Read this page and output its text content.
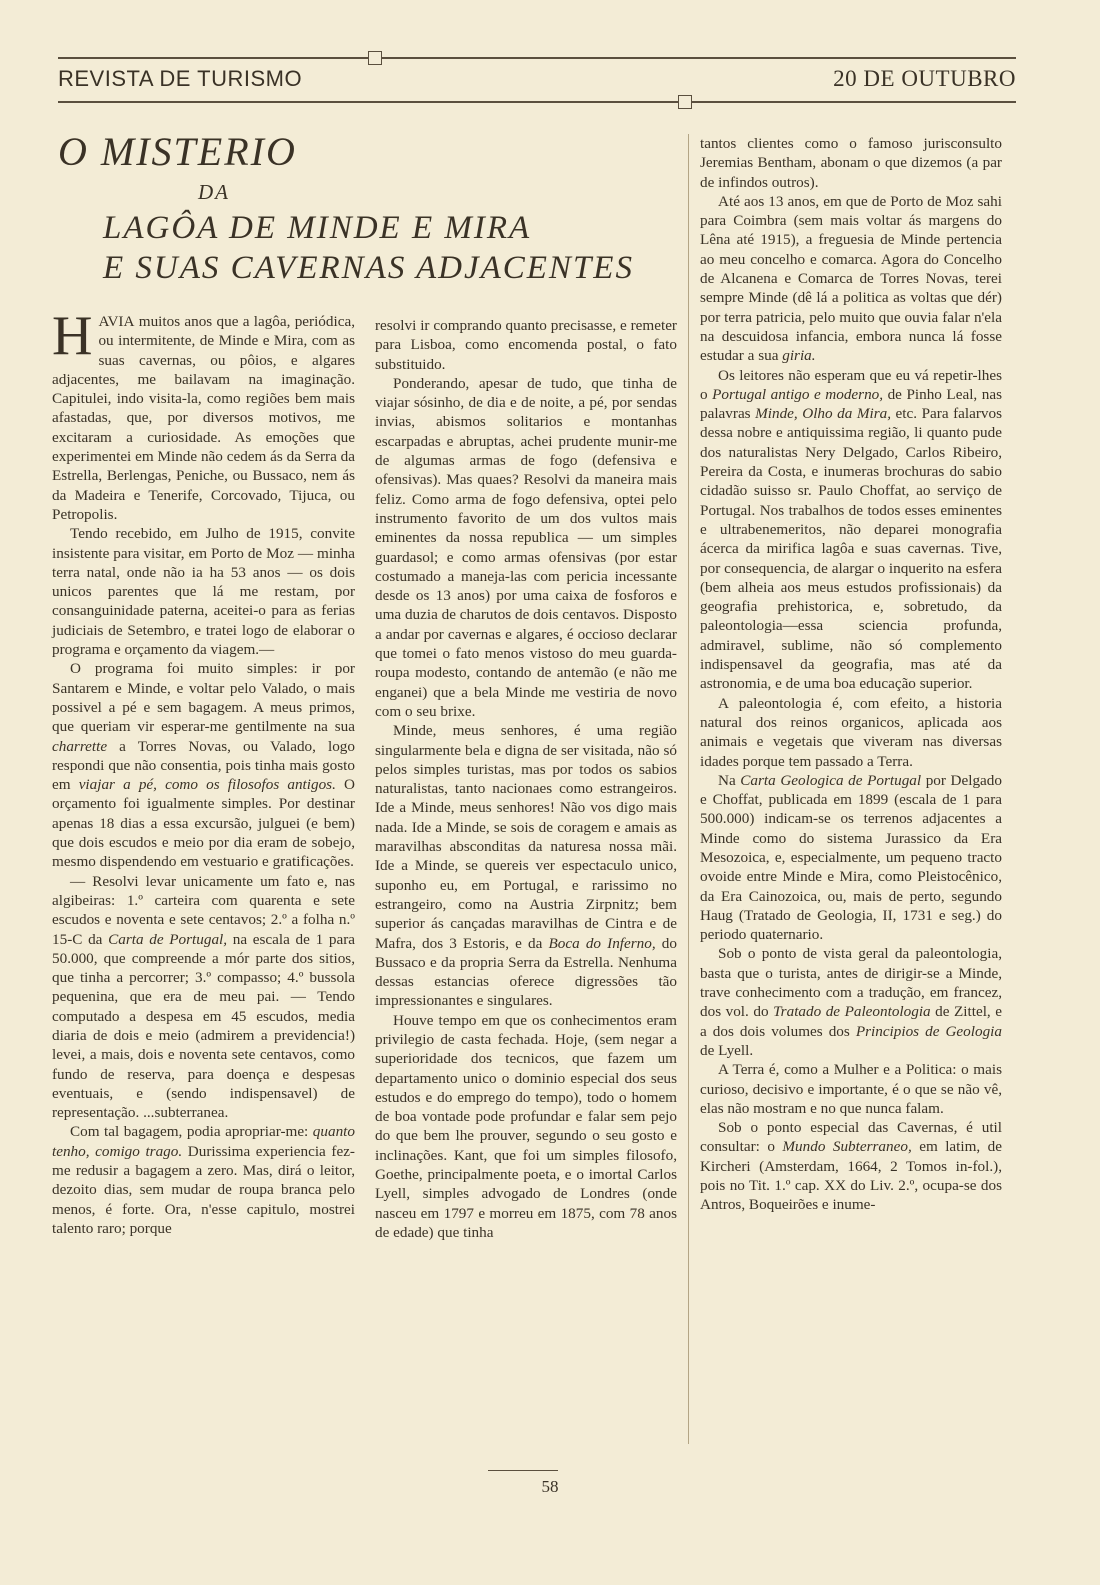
REVISTA DE TURISMO	20 DE OUTUBRO
O MISTERIO
DA
LAGÔA DE MINDE E MIRA
E SUAS CAVERNAS ADJACENTES

HAVIA muitos anos que a lagôa, periódica, ou intermitente, de Minde e Mira, com as suas cavernas, ou pôios, e algares adjacentes, me bailavam na imaginação. Capitulei, indo visita-la, como regiões bem mais afastadas, que, por diversos motivos, me excitaram a curiosidade. As emoções que experimentei em Minde não cedem ás da Serra da Estrella, Berlengas, Peniche, ou Bussaco, nem ás da Madeira e Tenerife, Corcovado, Tijuca, ou Petropolis.

Tendo recebido, em Julho de 1915, convite insistente para visitar, em Porto de Moz — minha terra natal, onde não ia ha 53 anos — os dois unicos parentes que lá me restam, por consanguinidade paterna, aceitei-o para as ferias judiciais de Setembro, e tratei logo de elaborar o programa e orçamento da viagem.—

O programa foi muito simples: ir por Santarem e Minde, e voltar pelo Valado, o mais possivel a pé e sem bagagem. A meus primos, que queriam vir esperar-me gentilmente na sua charrette a Torres Novas, ou Valado, logo respondi que não consentia, pois tinha mais gosto em viajar a pé, como os filosofos antigos. O orçamento foi igualmente simples. Por destinar apenas 18 dias a essa excursão, julguei (e bem) que dois escudos e meio por dia eram de sobejo, mesmo dispendendo em vestuario e gratificações.

— Resolvi levar unicamente um fato e, nas algibeiras: 1.º carteira com quarenta e sete escudos e noventa e sete centavos; 2.º a folha n.º 15-C da Carta de Portugal, na escala de 1 para 50.000, que compreende a mór parte dos sitios, que tinha a percorrer; 3.º compasso; 4.º bussola pequenina, que era de meu pai. — Tendo computado a despesa em 45 escudos, media diaria de dois e meio (admirem a previdencia!) levei, a mais, dois e noventa sete centavos, como fundo de reserva, para doença e despesas eventuais, e (sendo indispensavel) de representação. ...subterranea.

Com tal bagagem, podia apropriar-me: quanto tenho, comigo trago. Durissima experiencia fez-me redusir a bagagem a zero. Mas, dirá o leitor, dezoito dias, sem mudar de roupa branca pelo menos, é forte. Ora, n'esse capitulo, mostrei talento raro; porque

resolvi ir comprando quanto precisasse, e remeter para Lisboa, como encomenda postal, o fato substituido.

Ponderando, apesar de tudo, que tinha de viajar sósinho, de dia e de noite, a pé, por sendas invias, abismos solitarios e montanhas escarpadas e abruptas, achei prudente munir-me de algumas armas de fogo (defensiva e ofensivas). Mas quaes? Resolvi da maneira mais feliz. Como arma de fogo defensiva, optei pelo instrumento favorito de um dos vultos mais eminentes da nossa republica — um simples guardasol; e como armas ofensivas (por estar costumado a maneja-las com pericia incessante desde os 13 anos) por uma caixa de fosforos e uma duzia de charutos de dois centavos. Disposto a andar por cavernas e algares, é occioso declarar que tomei o fato menos vistoso do meu guarda-roupa modesto, contando de antemão (e não me enganei) que a bela Minde me vestiria de novo com o seu brixe.

Minde, meus senhores, é uma região singularmente bela e digna de ser visitada, não só pelos simples turistas, mas por todos os sabios naturalistas, tanto nacionaes como estrangeiros. Ide a Minde, meus senhores! Não vos digo mais nada. Ide a Minde, se sois de coragem e amais as maravilhas absconditas da naturesa nossa mãi. Ide a Minde, se quereis ver espectaculo unico, suponho eu, em Portugal, e rarissimo no estrangeiro, como na Austria Zirpnitz; bem superior ás cançadas maravilhas de Cintra e de Mafra, dos 3 Estoris, e da Boca do Inferno, do Bussaco e da propria Serra da Estrella. Nenhuma dessas estancias oferece digressões tão impressionantes e singulares.

Houve tempo em que os conhecimentos eram privilegio de casta fechada. Hoje, (sem negar a superioridade dos tecnicos, que fazem um departamento unico o dominio especial dos seus estudos e do emprego do tempo), todo o homem de boa vontade pode profundar e falar sem pejo do que bem lhe prouver, segundo o seu gosto e inclinações. Kant, que foi um simples filosofo, Goethe, principalmente poeta, e o imortal Carlos Lyell, simples advogado de Londres (onde nasceu em 1797 e morreu em 1875, com 78 anos de edade) que tinha

tantos clientes como o famoso jurisconsulto Jeremias Bentham, abonam o que dizemos (a par de infindos outros).

Até aos 13 anos, em que de Porto de Moz sahi para Coimbra (sem mais voltar ás margens do Lêna até 1915), a freguesia de Minde pertencia ao meu concelho e comarca. Agora do Concelho de Alcanena e Comarca de Torres Novas, terei sempre Minde (dê lá a politica as voltas que dér) por terra patricia, pelo muito que ouvia falar n'ela na descuidosa infancia, embora nunca lá fosse estudar a sua giria.

Os leitores não esperam que eu vá repetir-lhes o Portugal antigo e moderno, de Pinho Leal, nas palavras Minde, Olho da Mira, etc. Para falarvos dessa nobre e antiquissima região, li quanto pude dos naturalistas Nery Delgado, Carlos Ribeiro, Pereira da Costa, e inumeras brochuras do sabio cidadão suisso sr. Paulo Choffat, ao serviço de Portugal. Nos trabalhos de todos esses eminentes e ultrabenemeritos, não deparei monografia ácerca da mirifica lagôa e suas cavernas. Tive, por consequencia, de alargar o inquerito na esfera (bem alheia aos meus estudos profissionais) da geografia prehistorica, e, sobretudo, da paleontologia—essa sciencia profunda, admiravel, sublime, não só complemento indispensavel da geografia, mas até da astronomia, e de uma boa educação superior.

A paleontologia é, com efeito, a historia natural dos reinos organicos, aplicada aos animais e vegetais que viveram nas diversas idades porque tem passado a Terra.

Na Carta Geologica de Portugal por Delgado e Choffat, publicada em 1899 (escala de 1 para 500.000) indicam-se os terrenos adjacentes a Minde como do sistema Jurassico da Era Mesozoica, e, especialmente, um pequeno tracto ovoide entre Minde e Mira, como Pleistocênico, da Era Cainozoica, ou, mais de perto, segundo Haug (Tratado de Geologia, II, 1731 e seg.) do periodo quaternario.

Sob o ponto de vista geral da paleontologia, basta que o turista, antes de dirigir-se a Minde, trave conhecimento com a tradução, em francez, dos vol. do Tratado de Paleontologia de Zittel, e a dos dois volumes dos Principios de Geologia de Lyell.

A Terra é, como a Mulher e a Politica: o mais curioso, decisivo e importante, é o que se não vê, elas não mostram e no que nunca falam.

Sob o ponto especial das Cavernas, é util consultar: o Mundo Subterraneo, em latim, de Kircheri (Amsterdam, 1664, 2 Tomos in-fol.), pois no Tit. 1.º cap. XX do Liv. 2.º, ocupa-se dos Antros, Boqueirões e inume-

58
